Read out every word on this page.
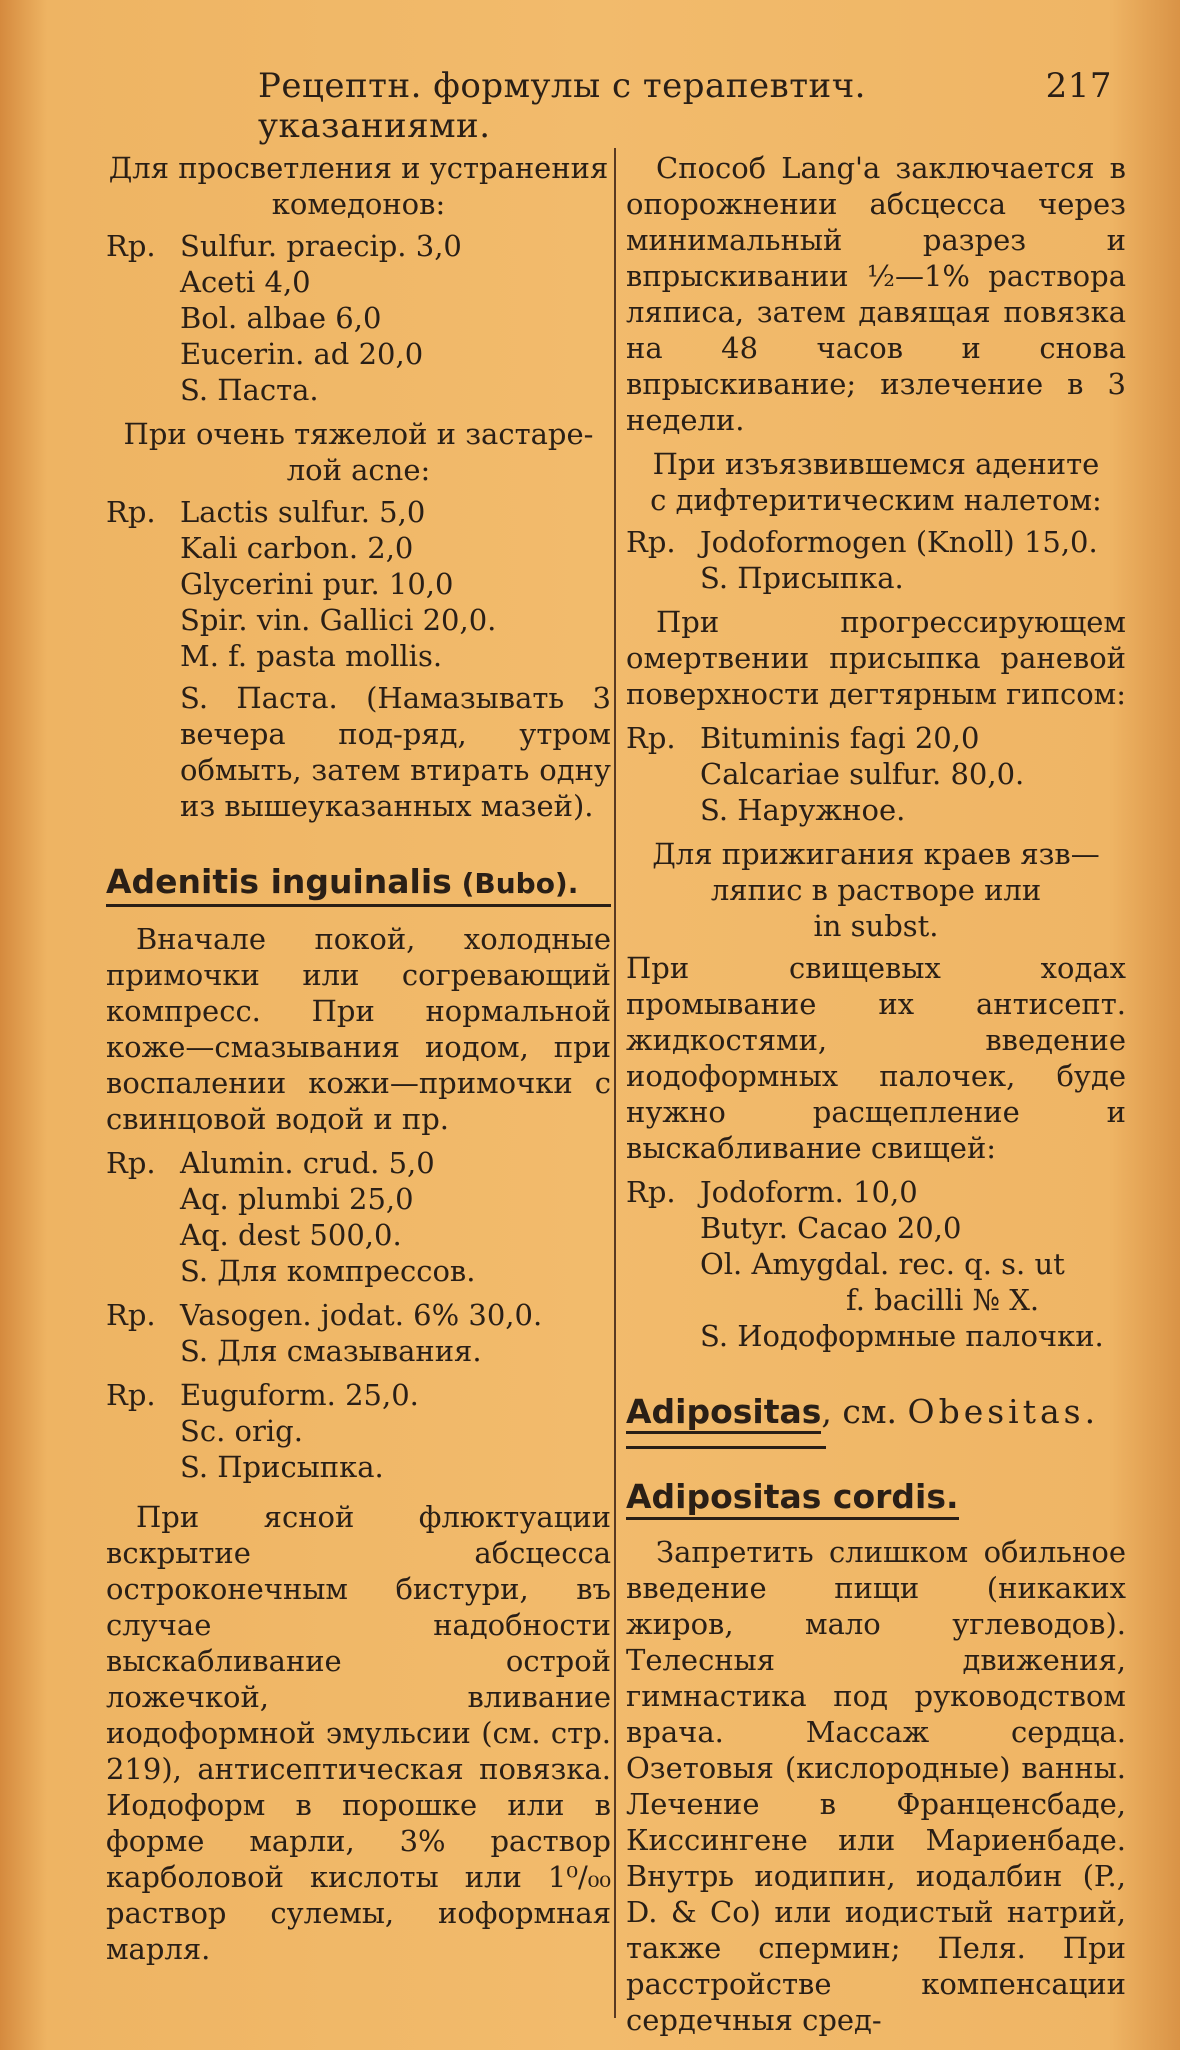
Рецептн. формулы с терапевтич. указаниями.
217
Для просветления и устранения
комедонов:
Rp. Sulfur. praecip. 3,0
Aceti 4,0
Bol. albae 6,0
Eucerin. ad 20,0
S. Паста.
При очень тяжелой и застаре-
лой acne:
Rp. Lactis sulfur. 5,0
Kali carbon. 2,0
Glycerini pur. 10,0
Spir. vin. Gallici 20,0.
M. f. pasta mollis.
S. Паста. (Намазывать 3 вечера под-ряд, утром обмыть, затем втирать одну из вышеуказанных мазей).
Adenitis inguinalis (Bubo).

Вначале покой, холодные примочки или согревающий компресс. При нормальной коже—смазывания иодом, при воспалении кожи—примочки с свинцовой водой и пр.

Rp. Alumin. crud. 5,0
Aq. plumbi 25,0
Aq. dest 500,0.
S. Для компрессов.
Rp. Vasogen. jodat. 6% 30,0.
S. Для смазывания.
Rp. Euguform. 25,0.
Sc. orig.
S. Присыпка.

При ясной флюктуации вскрытие абсцесса остроконечным бистури, въ случае надобности выскабливание острой ложечкой, вливание иодоформной эмульсии (см. стр. 219), антисептическая повязка. Иодоформ в порошке или в форме марли, 3% раствор карболовой кислоты или 1⁰/₀₀ раствор сулемы, иоформная марля.

Способ Lang'а заключается в опорожнении абсцесса через минимальный разрез и впрыскивании ½—1% раствора ляписа, затем давящая повязка на 48 часов и снова впрыскивание; излечение в 3 недели.

При изъязвившемся адените
с дифтеритическим налетом:
Rp. Jodoformogen (Knoll) 15,0.
S. Присыпка.

При прогрессирующем омертвении присыпка раневой поверхности дегтярным гипсом:

Rp. Bituminis fagi 20,0
Calcariae sulfur. 80,0.
S. Наружное.
Для прижигания краев язв—
ляпис в растворе или
in subst.

При свищевых ходах промывание их антисепт. жидкостями, введение иодоформных палочек, буде нужно расщепление и выскабливание свищей:

Rp. Jodoform. 10,0
Butyr. Cacao 20,0
Ol. Amygdal. rec. q. s. ut
f. bacilli № X.
S. Иодоформные палочки.
Adipositas, см. Obesitas.
Adipositas cordis.

Запретить слишком обильное введение пищи (никаких жиров, мало углеводов). Телесныя движения, гимнастика под руководством врача. Массаж сердца. Озетовыя (кислородные) ванны. Лечение в Франценсбаде, Киссингене или Мариенбаде. Внутрь иодипин, иодалбин (P., D. & Co) или иодистый натрий, также спермин; Пеля. При расстройстве компенсации сердечныя сред-
